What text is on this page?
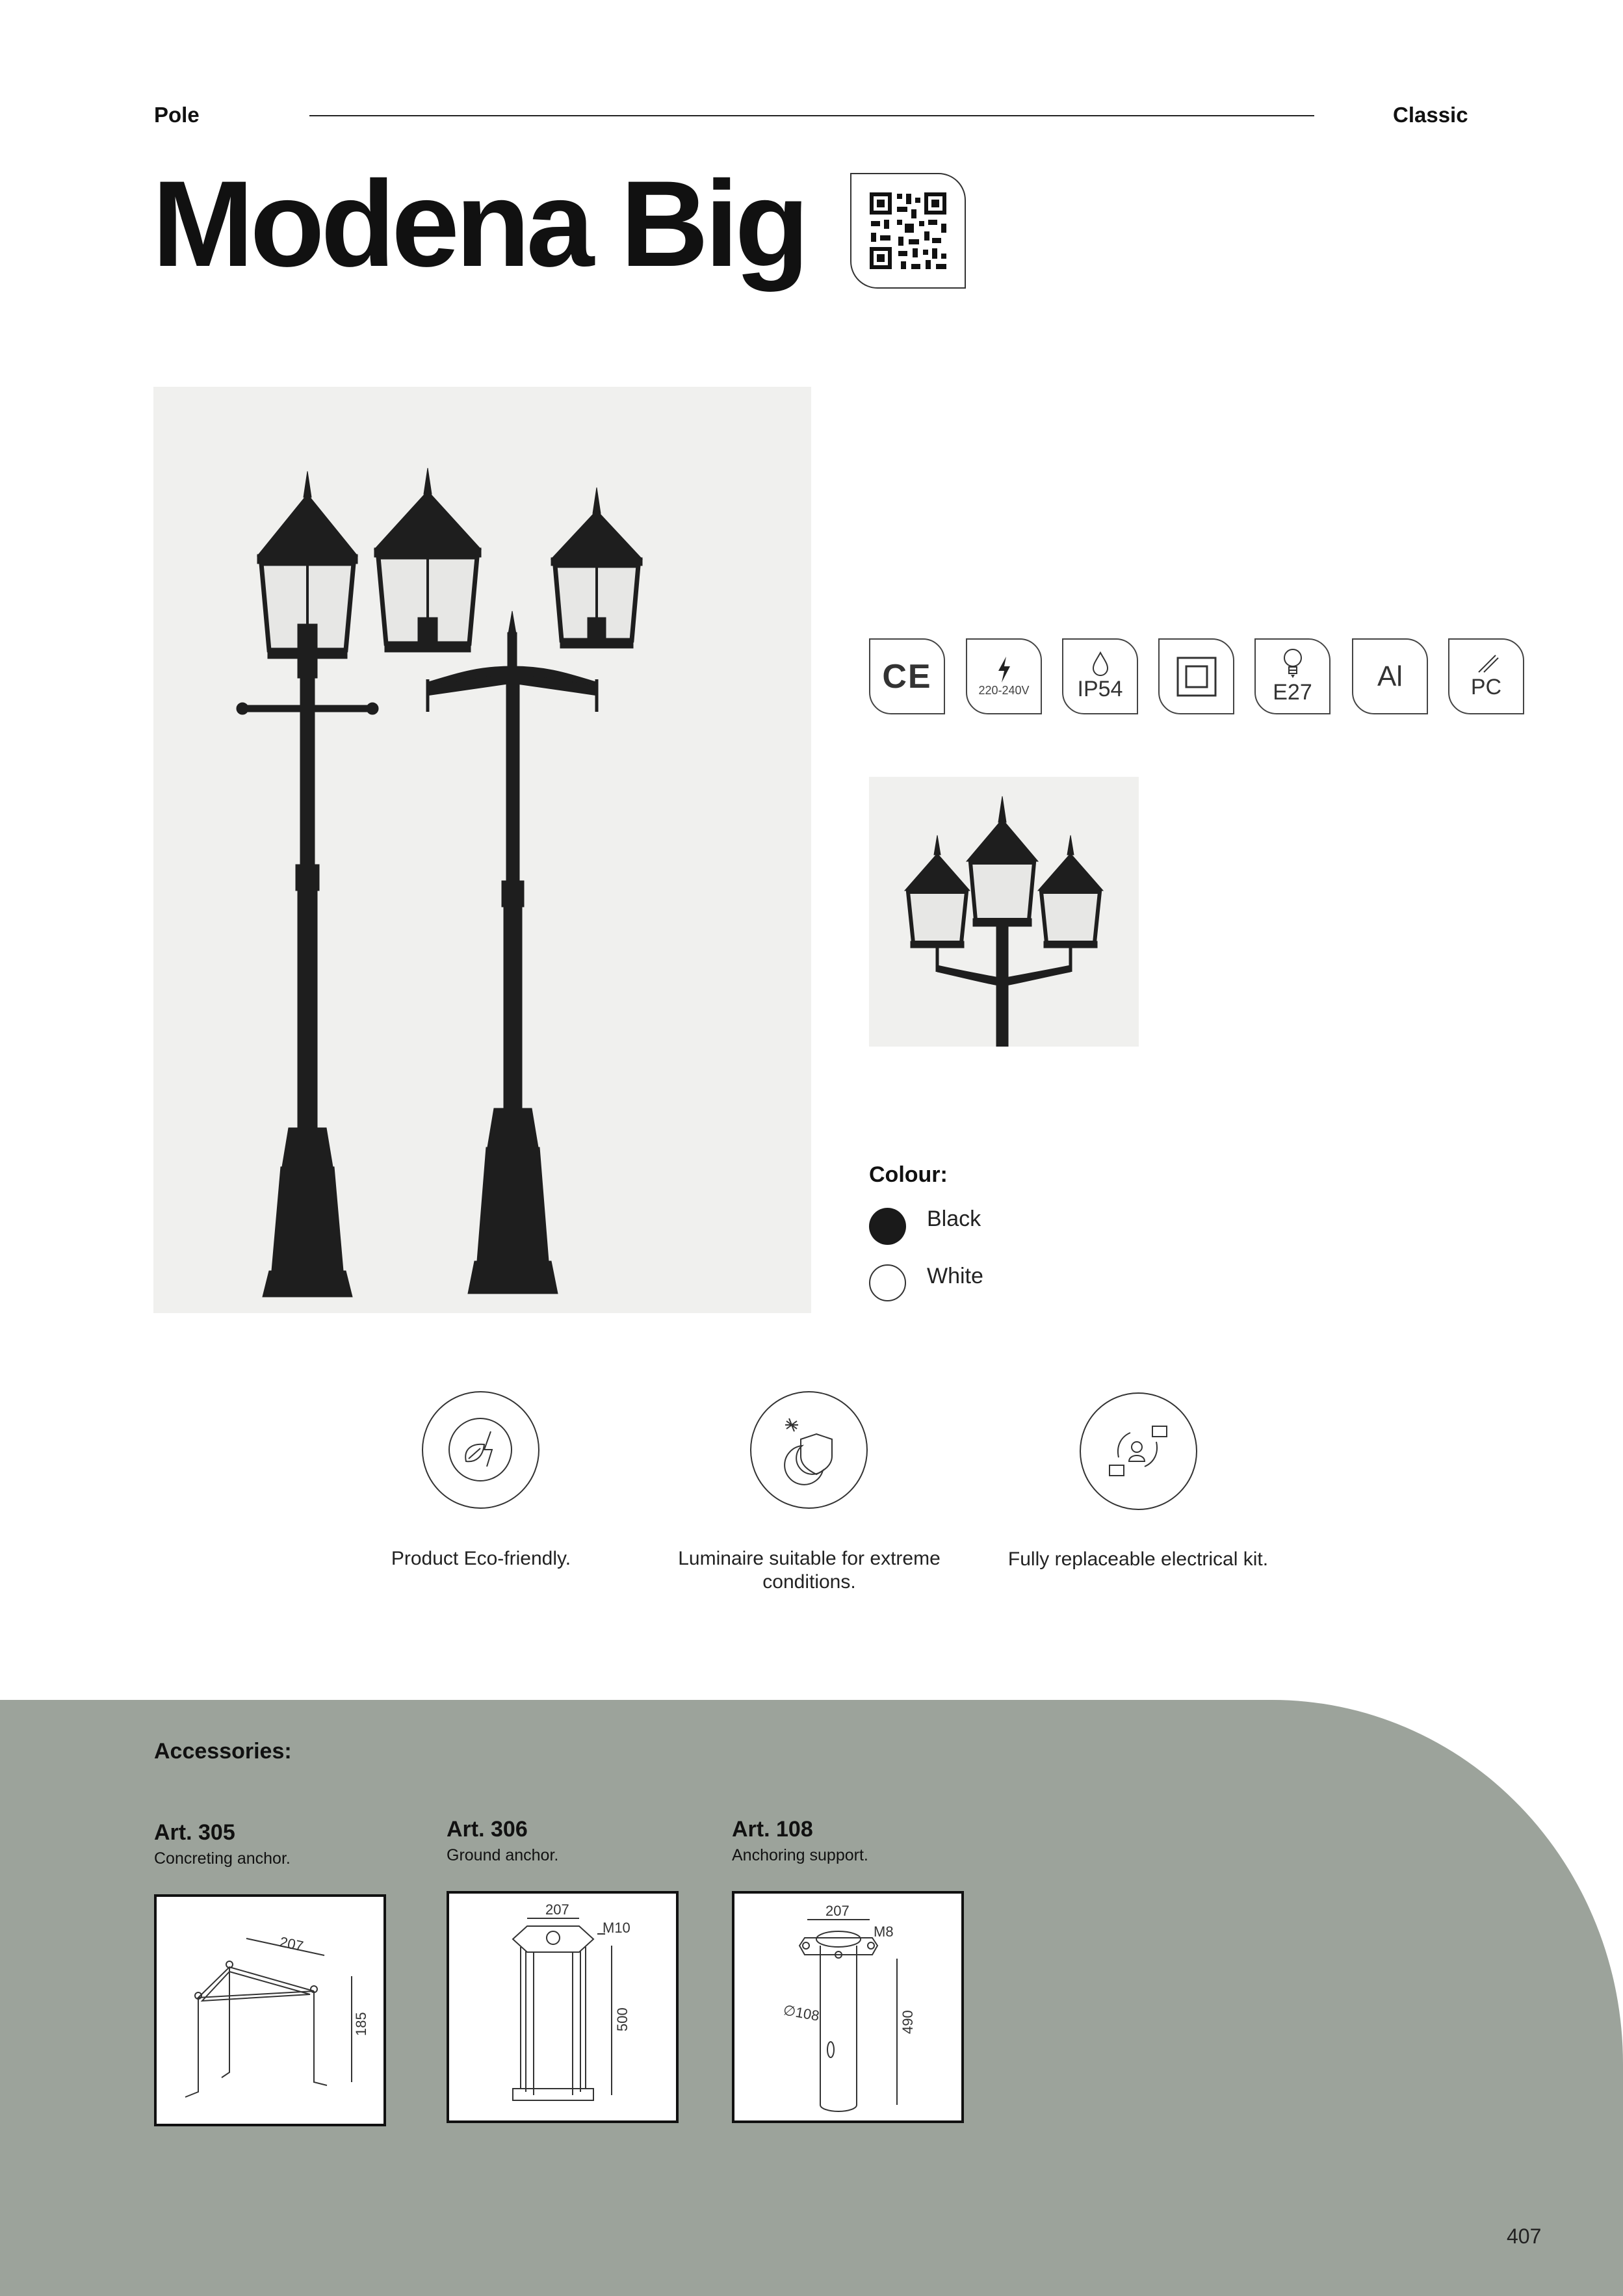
Pole	Classic
Modena Big
CE	220-240V IP54	E27
Al	PC
Colour:
Black
White
Product Eco-friendly.	Luminaire suitable for extreme conditions.
Fully replaceable electrical kit.
Accessories:
Art. 305
Concreting anchor.
207
185
Art. 306
Ground anchor.
207
M10
500
Art. 108
Anchoring support.
207
M8
∅108	490
407
